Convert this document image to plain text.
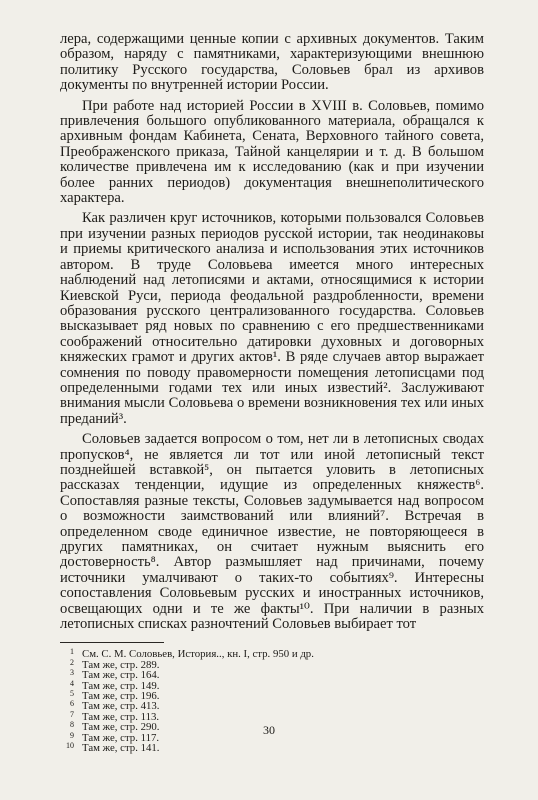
лера, содержащими ценные копии с архивных документов. Таким образом, наряду с памятниками, характеризующими внешнюю политику Русского государства, Соловьев брал из архивов документы по внутренней истории России.

При работе над историей России в XVIII в. Соловьев, помимо привлечения большого опубликованного материала, обращался к архивным фондам Кабинета, Сената, Верховного тайного совета, Преображенского приказа, Тайной канцелярии и т. д. В большом количестве привлечена им к исследованию (как и при изучении более ранних периодов) документация внешнеполитического характера.

Как различен круг источников, которыми пользовался Соловьев при изучении разных периодов русской истории, так неодинаковы и приемы критического анализа и использования этих источников автором. В труде Соловьева имеется много интересных наблюдений над летописями и актами, относящимися к истории Киевской Руси, периода феодальной раздробленности, времени образования русского централизованного государства. Соловьев высказывает ряд новых по сравнению с его предшественниками соображений относительно датировки духовных и договорных княжеских грамот и других актов¹. В ряде случаев автор выражает сомнения по поводу правомерности помещения летописцами под определенными годами тех или иных известий². Заслуживают внимания мысли Соловьева о времени возникновения тех или иных преданий³.

Соловьев задается вопросом о том, нет ли в летописных сводах пропусков⁴, не является ли тот или иной летописный текст позднейшей вставкой⁵, он пытается уловить в летописных рассказах тенденции, идущие из определенных княжеств⁶. Сопоставляя разные тексты, Соловьев задумывается над вопросом о возможности заимствований или влияний⁷. Встречая в определенном своде единичное известие, не повторяющееся в других памятниках, он считает нужным выяснить его достоверность⁸. Автор размышляет над причинами, почему источники умалчивают о таких-то событиях⁹. Интересны сопоставления Соловьевым русских и иностранных источников, освещающих одни и те же факты¹⁰. При наличии в разных летописных списках разночтений Соловьев выбирает тот

1 См. С. М. Соловьев, История.., кн. I, стр. 950 и др.
2 Там же, стр. 289.
3 Там же, стр. 164.
4 Там же, стр. 149.
5 Там же, стр. 196.
6 Там же, стр. 413.
7 Там же, стр. 113.
8 Там же, стр. 290.
9 Там же, стр. 117.
10 Там же, стр. 141.
30
